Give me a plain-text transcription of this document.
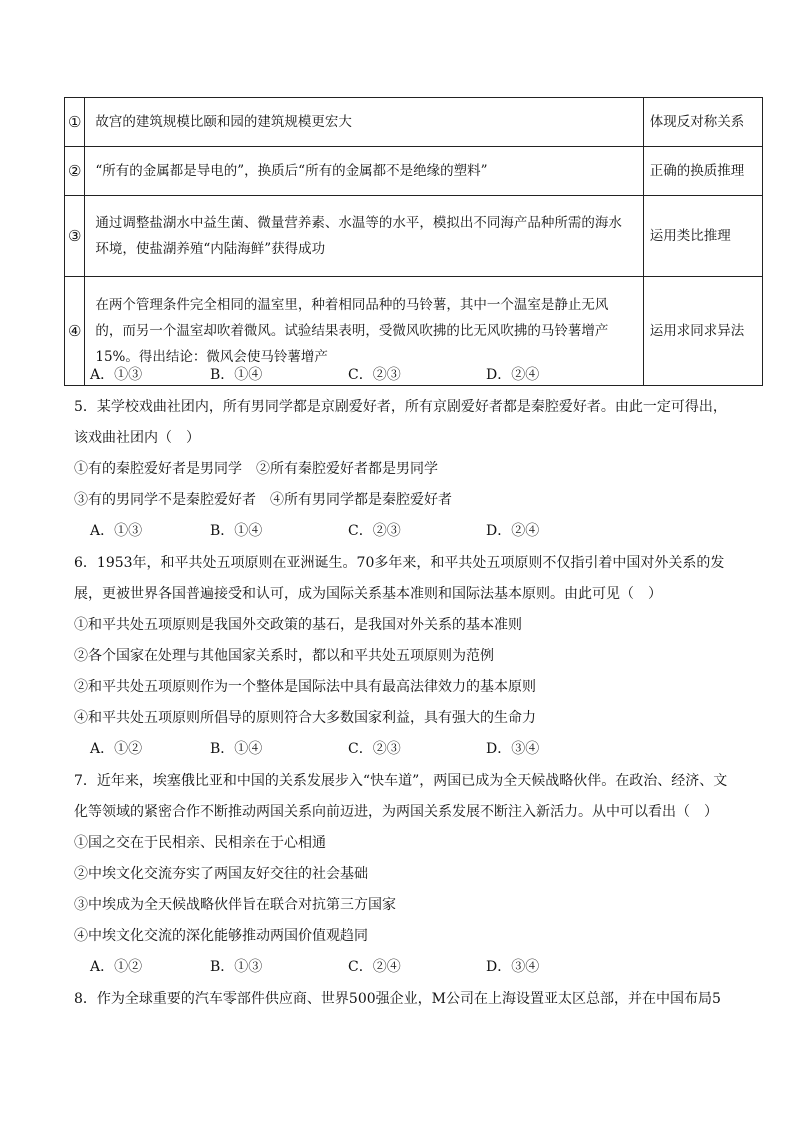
①	故宫的建筑规模比颐和园的建筑规模更宏大	体现反对称关系
②	“所有的金属都是导电的”，换质后“所有的金属都不是绝缘的塑料”	正确的换质推理
③	通过调整盐湖水中益生菌、微量营养素、水温等的水平，模拟出不同海产品种所需的海水环境，使盐湖养殖“内陆海鲜”获得成功	运用类比推理
④	在两个管理条件完全相同的温室里，种着相同品种的马铃薯，其中一个温室是静止无风的，而另一个温室却吹着微风。试验结果表明，受微风吹拂的比无风吹拂的马铃薯增产15%。得出结论：微风会使马铃薯增产	运用求同求异法
A．①③	B．①④	C．②③	D．②④
5．某学校戏曲社团内，所有男同学都是京剧爱好者，所有京剧爱好者都是秦腔爱好者。由此一定可得出，
该戏曲社团内（　）
①有的秦腔爱好者是男同学　②所有秦腔爱好者都是男同学
③有的男同学不是秦腔爱好者　④所有男同学都是秦腔爱好者
A．①③	B．①④	C．②③	D．②④
6．1953年，和平共处五项原则在亚洲诞生。70多年来，和平共处五项原则不仅指引着中国对外关系的发
展，更被世界各国普遍接受和认可，成为国际关系基本准则和国际法基本原则。由此可见（　）
①和平共处五项原则是我国外交政策的基石，是我国对外关系的基本准则
②各个国家在处理与其他国家关系时，都以和平共处五项原则为范例
②和平共处五项原则作为一个整体是国际法中具有最高法律效力的基本原则
④和平共处五项原则所倡导的原则符合大多数国家利益，具有强大的生命力
A．①②	B．①④	C．②③	D．③④
7．近年来，埃塞俄比亚和中国的关系发展步入“快车道”，两国已成为全天候战略伙伴。在政治、经济、文
化等领域的紧密合作不断推动两国关系向前迈进，为两国关系发展不断注入新活力。从中可以看出（　）
①国之交在于民相亲、民相亲在于心相通
②中埃文化交流夯实了两国友好交往的社会基础
③中埃成为全天候战略伙伴旨在联合对抗第三方国家
④中埃文化交流的深化能够推动两国价值观趋同
A．①②	B．①③	C．②④	D．③④
8．作为全球重要的汽车零部件供应商、世界500强企业，M公司在上海设置亚太区总部，并在中国布局5
